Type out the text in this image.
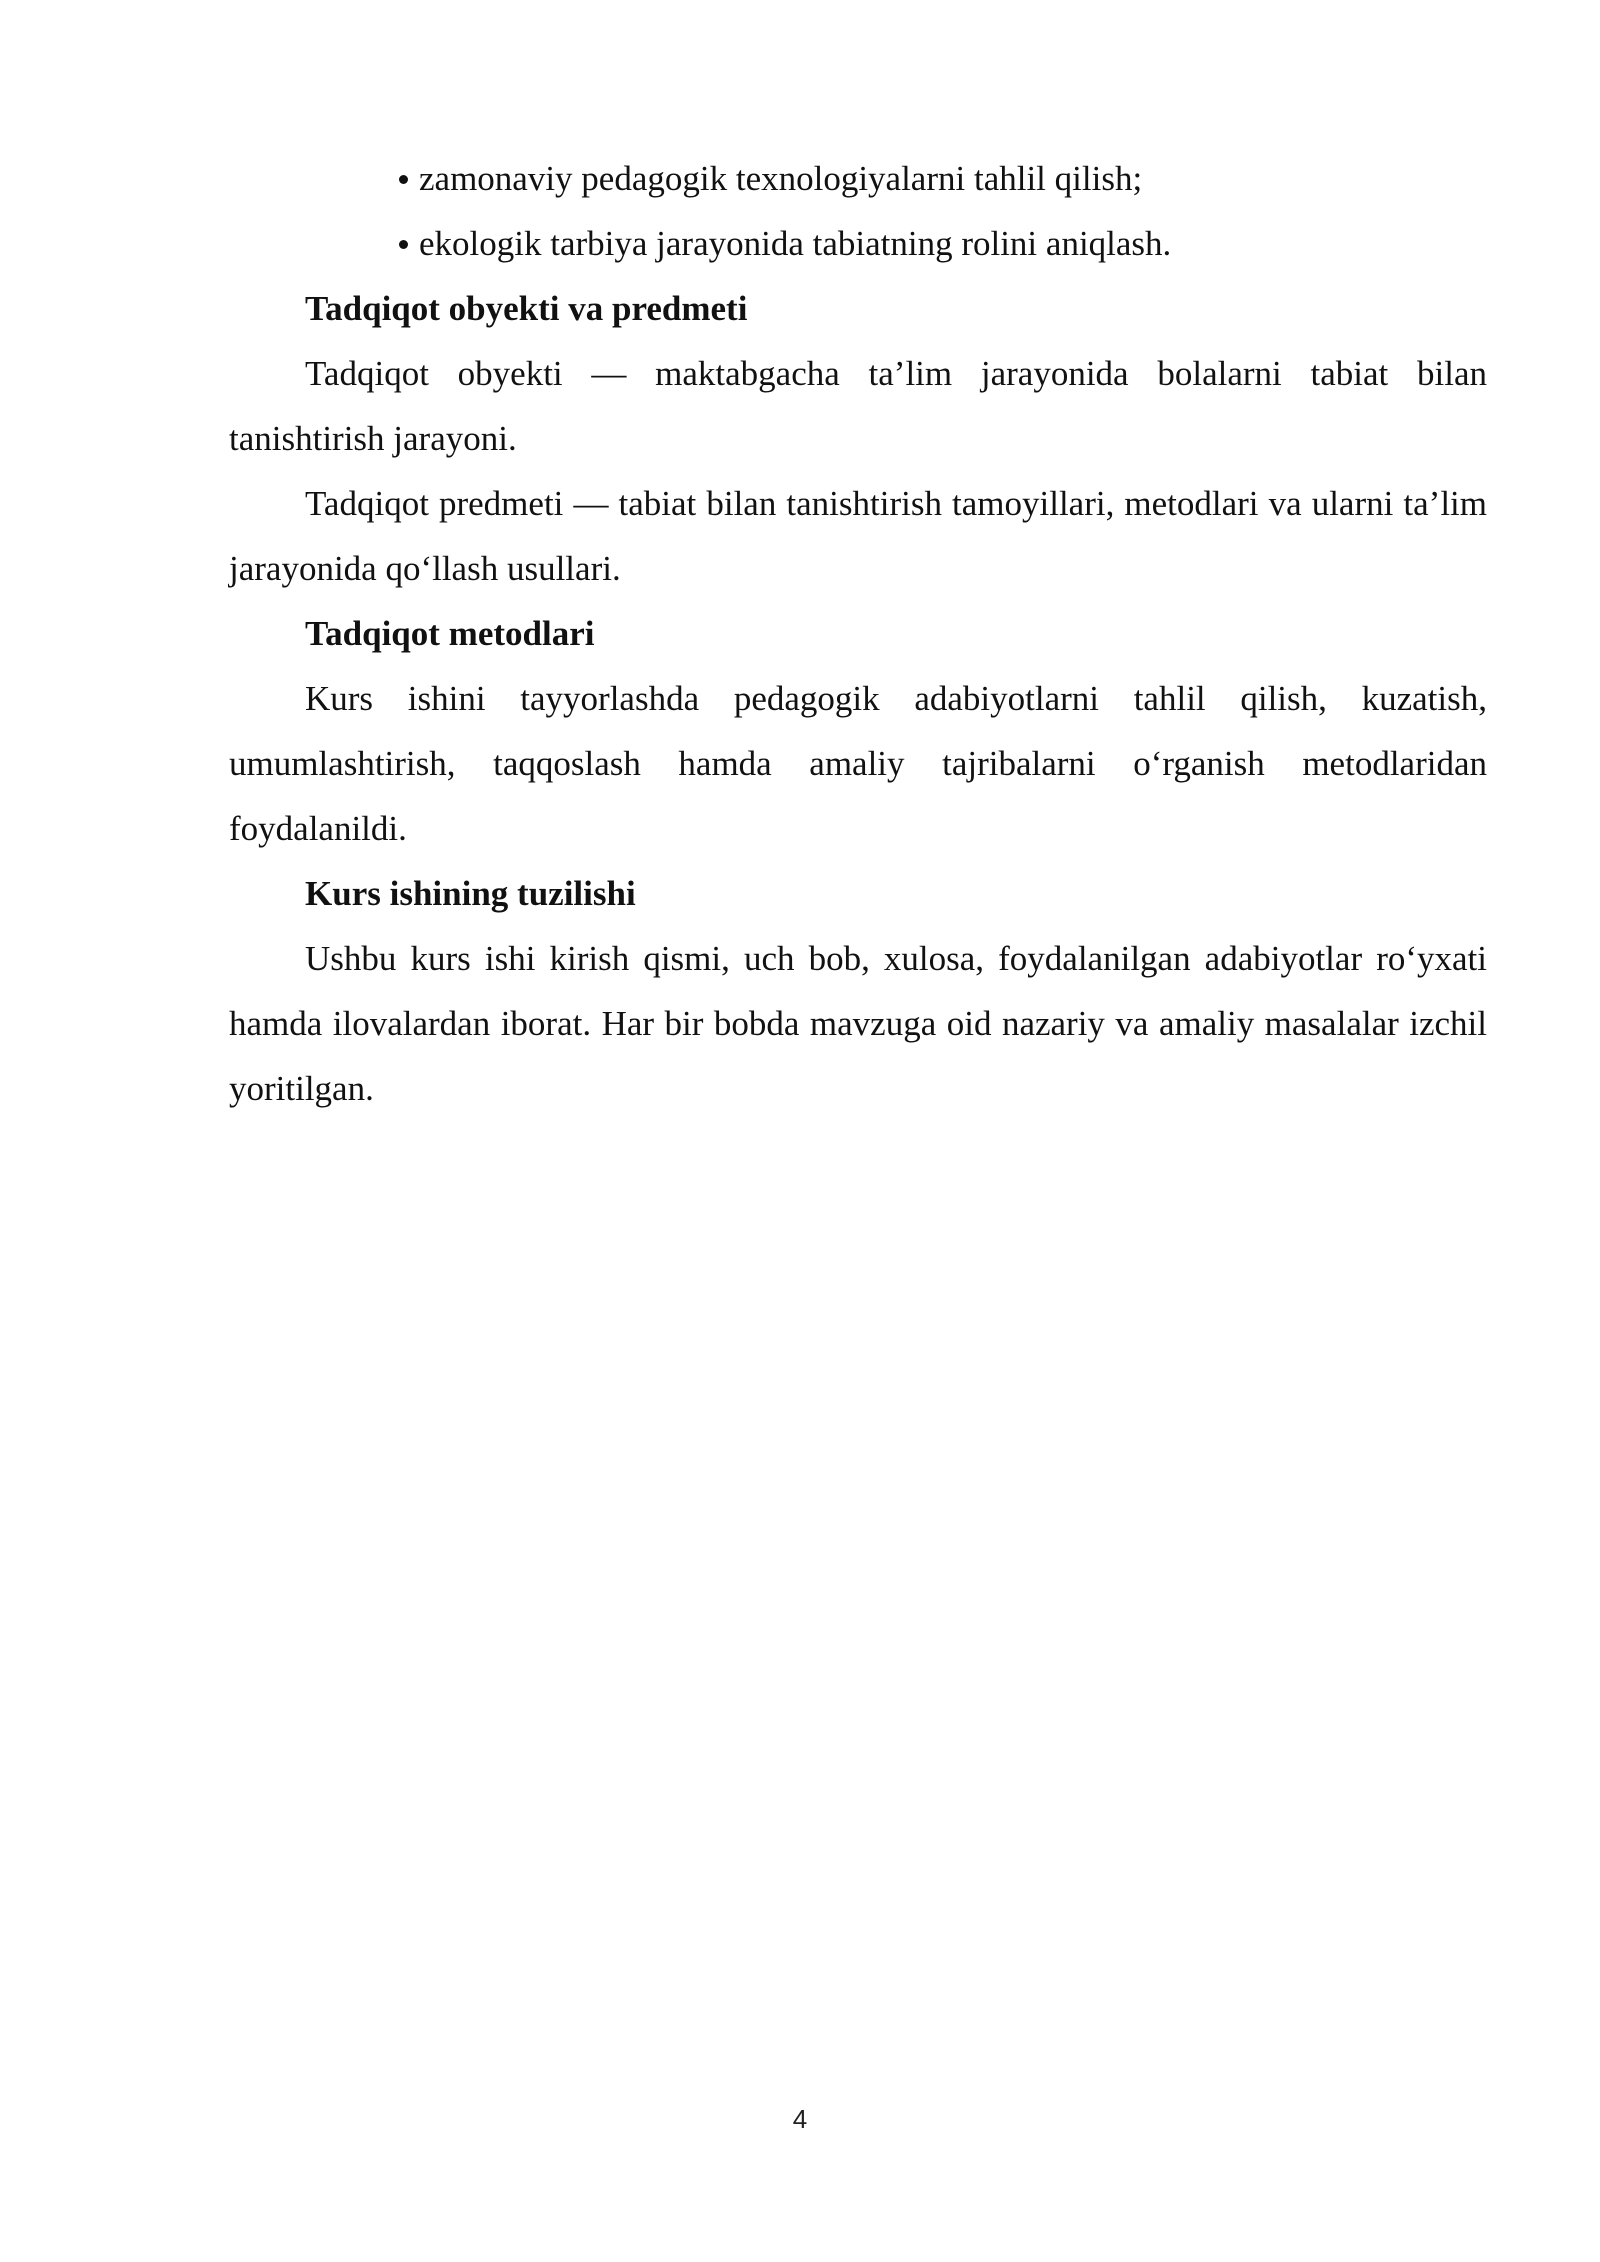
zamonaviy pedagogik texnologiyalarni tahlil qilish;
ekologik tarbiya jarayonida tabiatning rolini aniqlash.
Tadqiqot obyekti va predmeti

Tadqiqot obyekti — maktabgacha ta’lim jarayonida bolalarni tabiat bilan tanishtirish jarayoni.

Tadqiqot predmeti — tabiat bilan tanishtirish tamoyillari, metodlari va ularni ta’lim jarayonida qo‘llash usullari.

Tadqiqot metodlari

Kurs ishini tayyorlashda pedagogik adabiyotlarni tahlil qilish, kuzatish, umumlashtirish, taqqoslash hamda amaliy tajribalarni o‘rganish metodlaridan foydalanildi.

Kurs ishining tuzilishi

Ushbu kurs ishi kirish qismi, uch bob, xulosa, foydalanilgan adabiyotlar ro‘yxati hamda ilovalardan iborat. Har bir bobda mavzuga oid nazariy va amaliy masalalar izchil yoritilgan.

4
